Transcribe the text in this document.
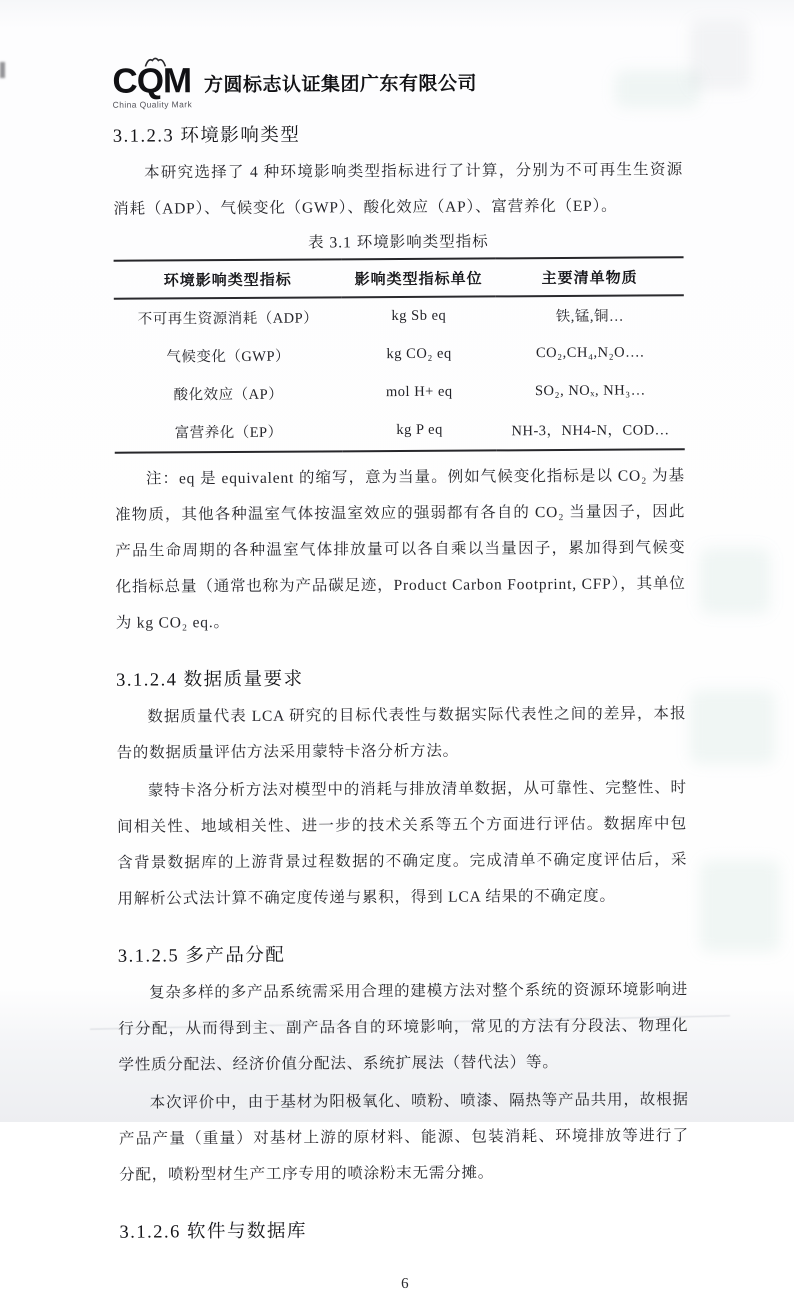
CQM
China Quality Mark
方圆标志认证集团广东有限公司
3.1.2.3 环境影响类型

本研究选择了 4 种环境影响类型指标进行了计算，分别为不可再生生资源消耗（ADP）、气候变化（GWP）、酸化效应（AP）、富营养化（EP）。

表 3.1 环境影响类型指标
环境影响类型指标	影响类型指标单位	主要清单物质
不可再生资源消耗（ADP）	kg Sb eq	铁,锰,铜…
气候变化（GWP）	kg CO₂ eq	CO₂,CH₄,N₂O….
酸化效应（AP）	mol H+ eq	SO₂, NOₓ, NH₃…
富营养化（EP）	kg P eq	NH-3，NH4-N，COD…

注：eq 是 equivalent 的缩写，意为当量。例如气候变化指标是以 CO₂ 为基准物质，其他各种温室气体按温室效应的强弱都有各自的 CO₂ 当量因子，因此产品生命周期的各种温室气体排放量可以各自乘以当量因子，累加得到气候变化指标总量（通常也称为产品碳足迹，Product Carbon Footprint, CFP），其单位为 kg CO₂ eq.。

3.1.2.4 数据质量要求

数据质量代表 LCA 研究的目标代表性与数据实际代表性之间的差异，本报告的数据质量评估方法采用蒙特卡洛分析方法。

蒙特卡洛分析方法对模型中的消耗与排放清单数据，从可靠性、完整性、时间相关性、地域相关性、进一步的技术关系等五个方面进行评估。数据库中包含背景数据库的上游背景过程数据的不确定度。完成清单不确定度评估后，采用解析公式法计算不确定度传递与累积，得到 LCA 结果的不确定度。

3.1.2.5 多产品分配

复杂多样的多产品系统需采用合理的建模方法对整个系统的资源环境影响进行分配，从而得到主、副产品各自的环境影响，常见的方法有分段法、物理化学性质分配法、经济价值分配法、系统扩展法（替代法）等。

本次评价中，由于基材为阳极氧化、喷粉、喷漆、隔热等产品共用，故根据产品产量（重量）对基材上游的原材料、能源、包装消耗、环境排放等进行了分配，喷粉型材生产工序专用的喷涂粉末无需分摊。

3.1.2.6 软件与数据库
6
